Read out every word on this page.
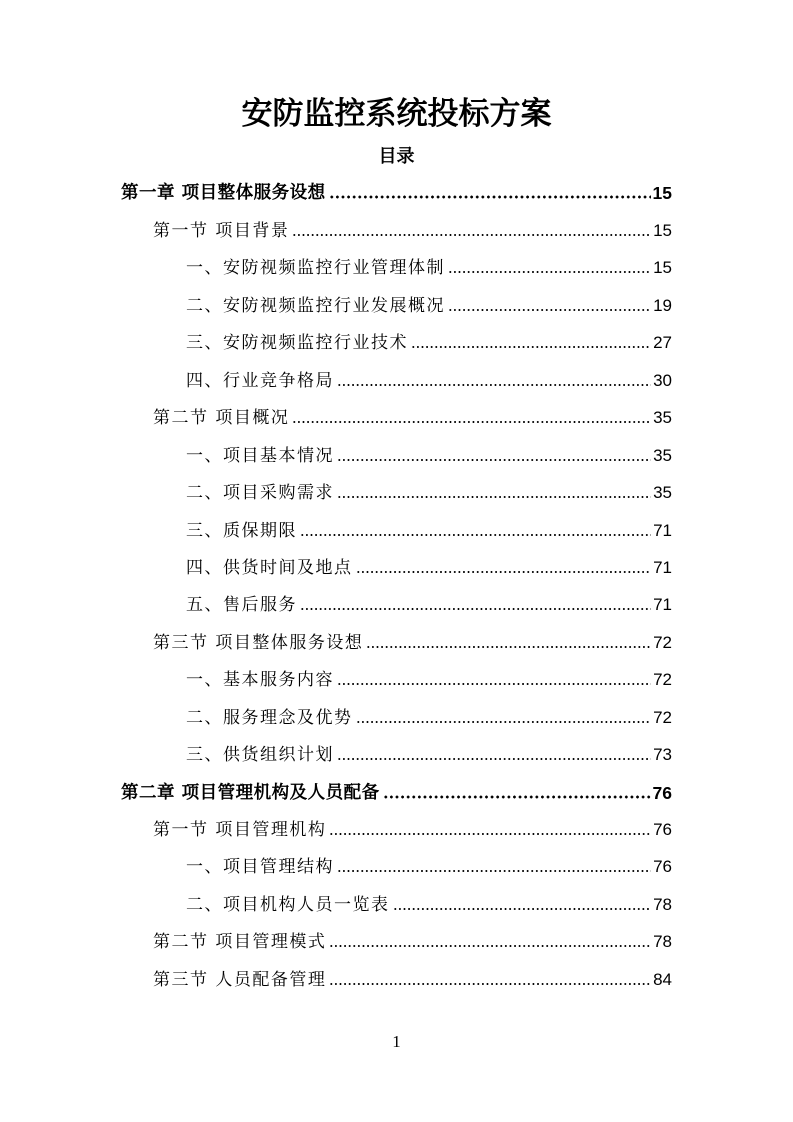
安防监控系统投标方案
目录
第一章 项目整体服务设想	15
第一节 项目背景	15
一、安防视频监控行业管理体制	15
二、安防视频监控行业发展概况	19
三、安防视频监控行业技术	27
四、行业竞争格局	30
第二节 项目概况	35
一、项目基本情况	35
二、项目采购需求	35
三、质保期限	71
四、供货时间及地点	71
五、售后服务	71
第三节 项目整体服务设想	72
一、基本服务内容	72
二、服务理念及优势	72
三、供货组织计划	73
第二章 项目管理机构及人员配备	76
第一节 项目管理机构	76
一、项目管理结构	76
二、项目机构人员一览表	78
第二节 项目管理模式	78
第三节 人员配备管理	84
1
